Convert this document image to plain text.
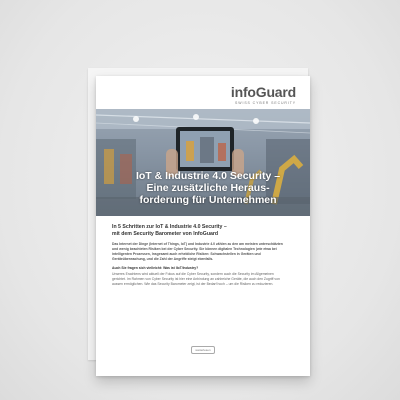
infoGuard
SWISS CYBER SECURITY
IoT & Industrie 4.0 Security –
Eine zusätzliche Heraus-
forderung für Unternehmen
In 5 Schritten zur IoT & Industrie 4.0 Security –
mit dem Security Barometer von InfoGuard
Das Internet der Dinge (Internet of Things, IoT) und Industrie 4.0 zählen zu den am meisten unterschätzten und wenig beachteten Risiken bei der Cyber Security. Sie können digitalen Technologien (wie etwa bei intelligenten Prozessen, Insgesamt auch erhebliche Risiken: Schwachstellen in Geräten und Geräteüberwachung, und die Zahl der Angriffe steigt ebenfalls.
Auch Sie fragen sich vielleicht: Was ist IIoT/Industry?
Unseres Erachtens wird aktuell der Fokus auf die Cyber Security, sondern auch die Security im Allgemeinen gerichtet. Im Rahmen von Cyber Security ist hier eine Anbindung an zahlreiche Geräte, die auch den Zugriff von aussen ermöglichen. Wie das Security Barometer zeigt, ist der Bedarf hoch – um die Risiken zu reduzieren.
weiterlesen
